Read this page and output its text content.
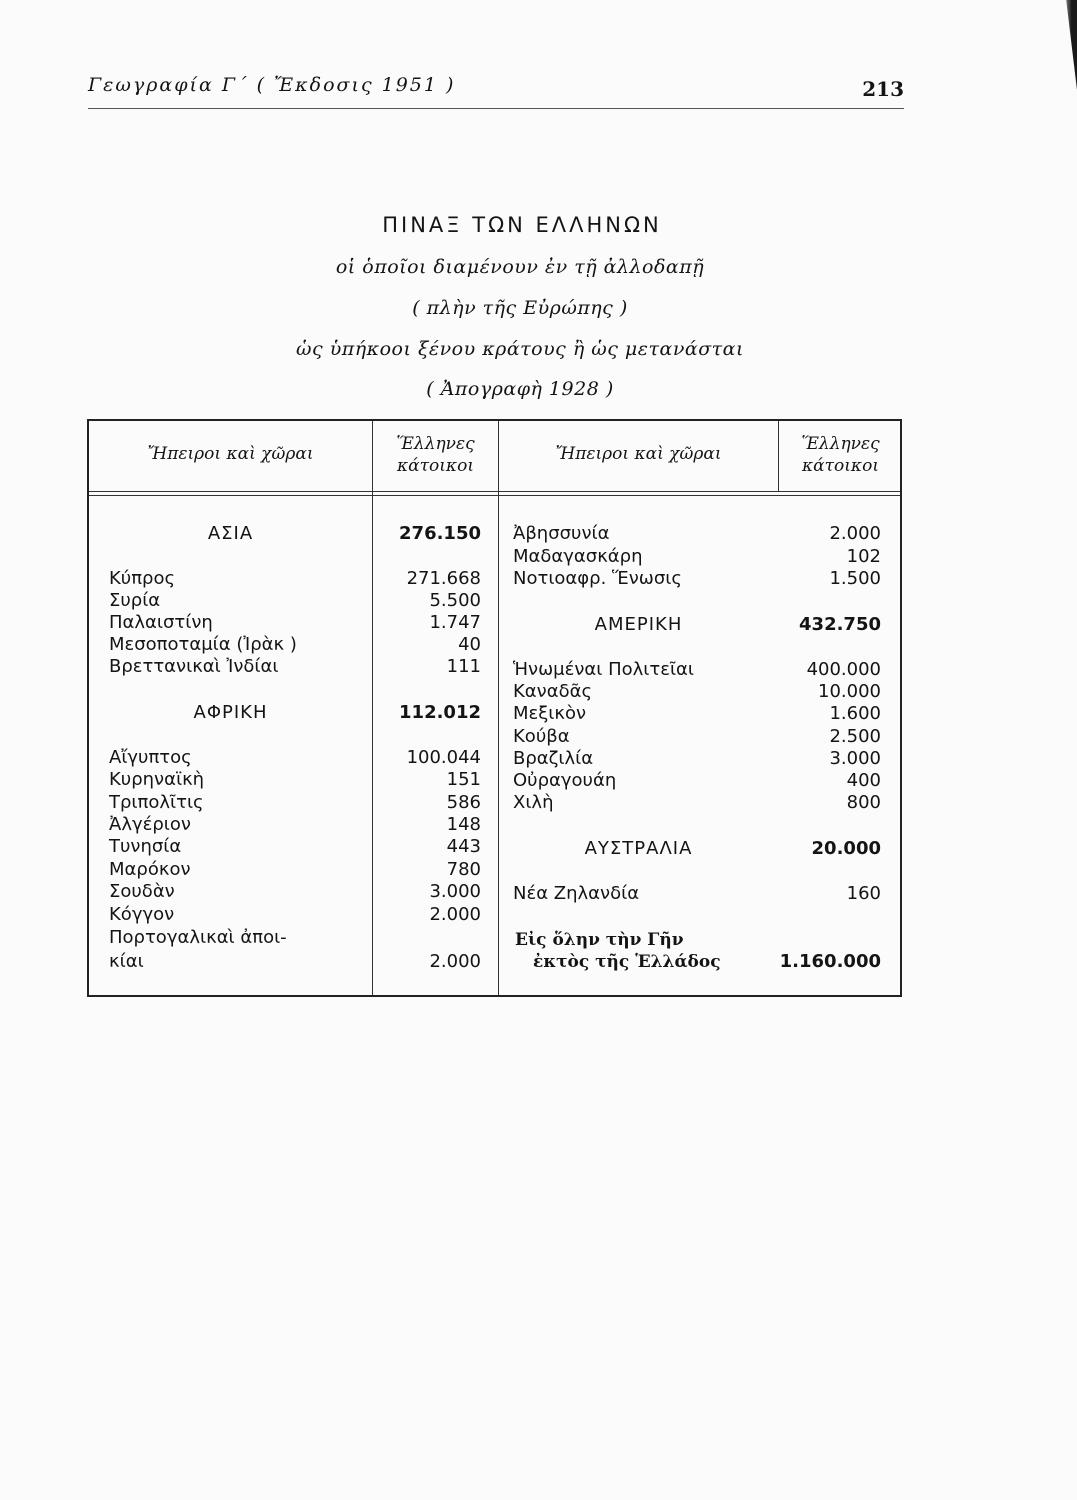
Γεωγραφία Γ΄ ( Ἔκδοσις 1951 )	213
ΠΙΝΑΞ ΤΩΝ ΕΛΛΗΝΩΝ
οἱ ὁποῖοι διαμένουν ἐν τῇ ἀλλοδαπῇ
( πλὴν τῆς Εὐρώπης )
ὡς ὑπήκοοι ξένου κράτους ἢ ὡς μετανάσται
( Ἀπογραφὴ 1928 )
Ἤπειροι καὶ χῶραι	Ἕλληνες
κάτοικοι
Ἤπειροι καὶ χῶραι	Ἕλληνες
κάτοικοι
ΑΣΙΑ	276.150
Κύπρος	271.668
Συρία	5.500
Παλαιστίνη	1.747
Μεσοποταμία (Ἰρὰκ )	40
Βρεττανικαὶ Ἰνδίαι	111
ΑΦΡΙΚΗ	112.012
Αἴγυπτος	100.044
Κυρηναϊκὴ	151
Τριπολῖτις	586
Ἀλγέριον	148
Τυνησία	443
Μαρόκον	780
Σουδὰν	3.000
Κόγγον	2.000
Πορτογαλικαὶ ἀποι-
κίαι	2.000
Ἀβησσυνία	2.000
Μαδαγασκάρη	102
Νοτιοαφρ. Ἕνωσις	1.500
ΑΜΕΡΙΚΗ	432.750
Ἡνωμέναι Πολιτεῖαι	400.000
Καναδᾶς	10.000
Μεξικὸν	1.600
Κούβα	2.500
Βραζιλία	3.000
Οὐραγουάη	400
Χιλὴ	800
ΑΥΣΤΡΑΛΙΑ	20.000
Νέα Ζηλανδία	160
Εἰς ὅλην τὴν Γῆν
ἐκτὸς τῆς Ἑλλάδος	1.160.000
